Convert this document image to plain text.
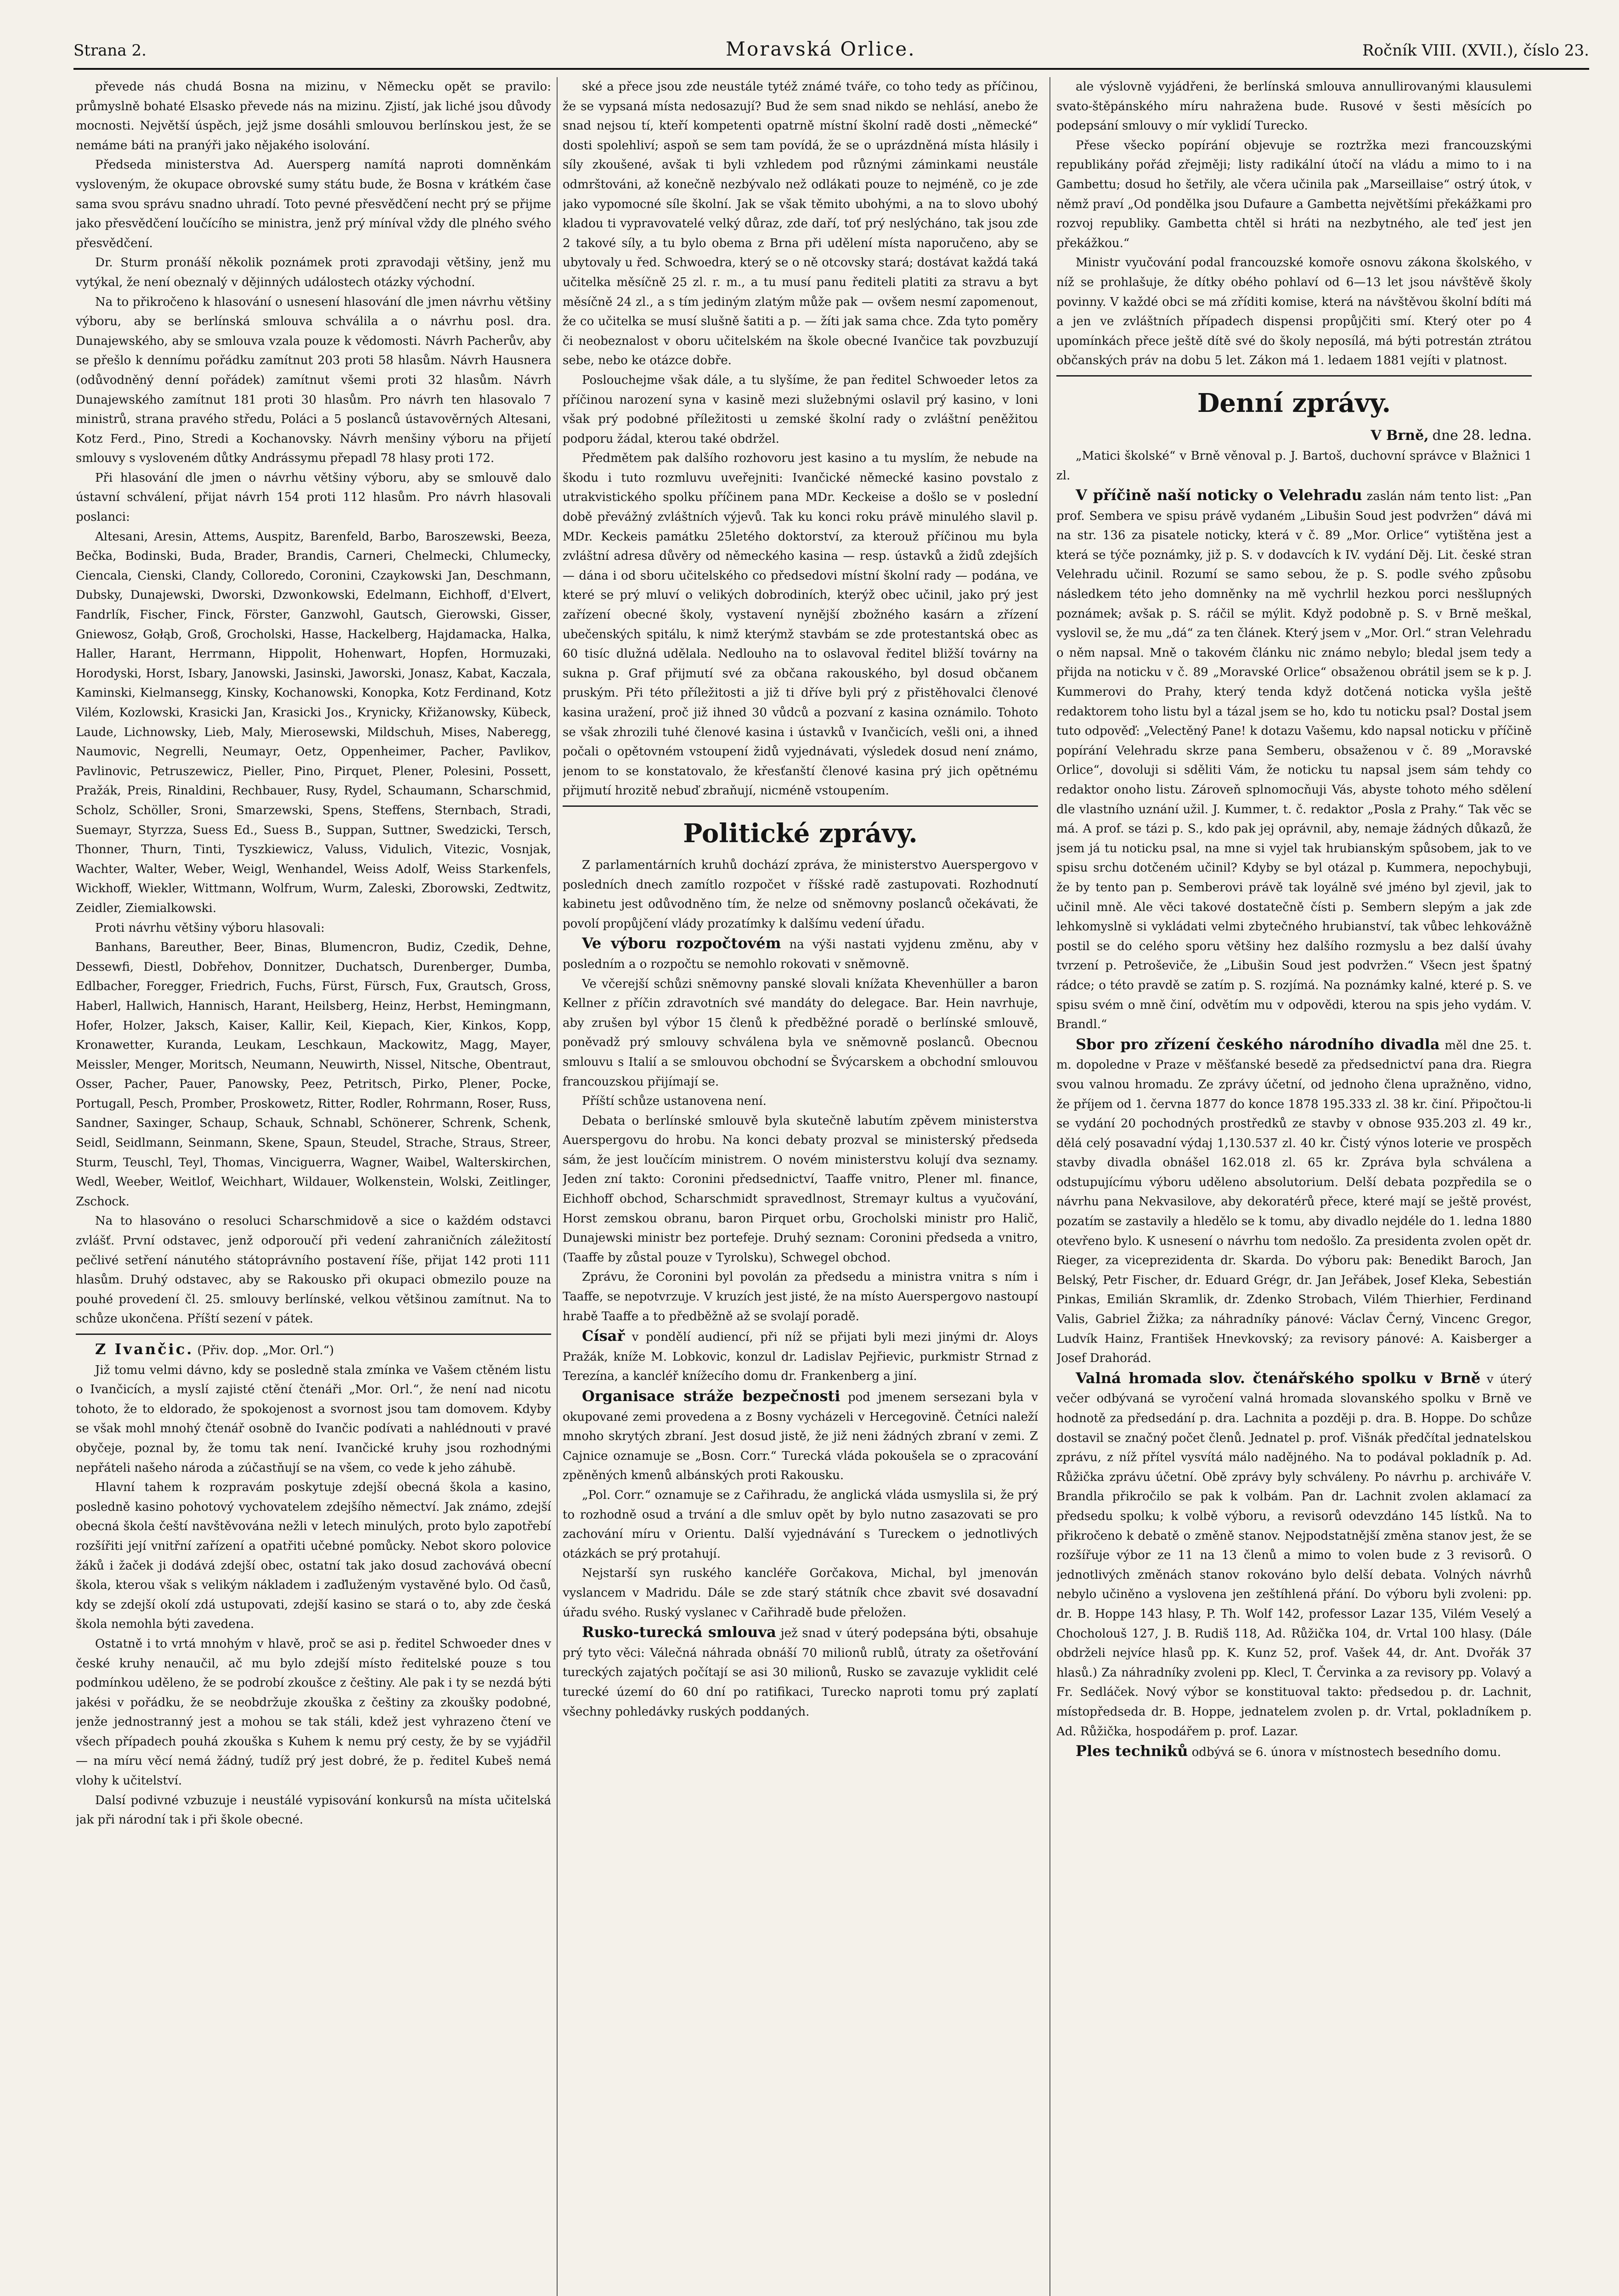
Strana 2.	Moravská Orlice.	Ročník VIII. (XVII.), číslo 23.

převede nás chudá Bosna na mizinu, v Německu opět se pravilo: průmyslně bohaté Elsasko převede nás na mizinu. Zjistí, jak liché jsou důvody mocnosti. Největší úspěch, jejž jsme dosáhli smlouvou berlínskou jest, že se nemáme báti na pranýři jako nějakého isolování.

Předseda ministerstva Ad. Auersperg namítá naproti domněnkám vysloveným, že okupace obrovské sumy státu bude, že Bosna v krátkém čase sama svou správu snadno uhradí. Toto pevné přesvědčení necht prý se přijme jako přesvědčení loučícího se ministra, jenž prý míníval vždy dle plného svého přesvědčení.

Dr. Sturm pronáší několik poznámek proti zpravodaji většiny, jenž mu vytýkal, že není obeznalý v dějinných událostech otázky východní.

Na to přikročeno k hlasování o usnesení hlasování dle jmen návrhu většiny výboru, aby se berlínská smlouva schválila a o návrhu posl. dra. Dunajewského, aby se smlouva vzala pouze k vědomosti. Návrh Pacherův, aby se přešlo k dennímu pořádku zamítnut 203 proti 58 hlasům. Návrh Hausnera (odůvodněný denní pořádek) zamítnut všemi proti 32 hlasům. Návrh Dunajewského zamítnut 181 proti 30 hlasům. Pro návrh ten hlasovalo 7 ministrů, strana pravého středu, Poláci a 5 poslanců ústavověrných Altesani, Kotz Ferd., Pino, Stredi a Kochanovsky. Návrh menšiny výboru na přijetí smlouvy s vysloveném důtky Andrássymu přepadl 78 hlasy proti 172.

Při hlasování dle jmen o návrhu většiny výboru, aby se smlouvě dalo ústavní schválení, přijat návrh 154 proti 112 hlasům. Pro návrh hlasovali poslanci:

Altesani, Aresin, Attems, Auspitz, Barenfeld, Barbo, Baroszewski, Beeza, Bečka, Bodinski, Buda, Brader, Brandis, Carneri, Chelmecki, Chlumecky, Ciencala, Cienski, Clandy, Colloredo, Coronini, Czaykowski Jan, Deschmann, Dubsky, Dunajewski, Dworski, Dzwonkowski, Edelmann, Eichhoff, d'Elvert, Fandrlík, Fischer, Finck, Förster, Ganzwohl, Gautsch, Gierowski, Gisser, Gniewosz, Gołąb, Groß, Grocholski, Hasse, Hackelberg, Hajdamacka, Halka, Haller, Harant, Herrmann, Hippolit, Hohenwart, Hopfen, Hormuzaki, Horodyski, Horst, Isbary, Janowski, Jasinski, Jaworski, Jonasz, Kabat, Kaczala, Kaminski, Kielmansegg, Kinsky, Kochanowski, Konopka, Kotz Ferdinand, Kotz Vilém, Kozlowski, Krasicki Jan, Krasicki Jos., Krynicky, Křižanowsky, Kübeck, Laude, Lichnowsky, Lieb, Maly, Mierosewski, Mildschuh, Mises, Naberegg, Naumovic, Negrelli, Neumayr, Oetz, Oppenheimer, Pacher, Pavlikov, Pavlinovic, Petruszewicz, Pieller, Pino, Pirquet, Plener, Polesini, Possett, Pražák, Preis, Rinaldini, Rechbauer, Rusy, Rydel, Schaumann, Scharschmid, Scholz, Schöller, Sroni, Smarzewski, Spens, Steffens, Sternbach, Stradi, Suemayr, Styrzza, Suess Ed., Suess B., Suppan, Suttner, Swedzicki, Tersch, Thonner, Thurn, Tinti, Tyszkiewicz, Valuss, Vidulich, Vitezic, Vosnjak, Wachter, Walter, Weber, Weigl, Wenhandel, Weiss Adolf, Weiss Starkenfels, Wickhoff, Wiekler, Wittmann, Wolfrum, Wurm, Zaleski, Zborowski, Zedtwitz, Zeidler, Ziemialkowski.

Proti návrhu většiny výboru hlasovali:

Banhans, Bareuther, Beer, Binas, Blumencron, Budiz, Czedik, Dehne, Dessewfi, Diestl, Dobřehov, Donnitzer, Duchatsch, Durenberger, Dumba, Edlbacher, Foregger, Friedrich, Fuchs, Fürst, Fürsch, Fux, Grautsch, Gross, Haberl, Hallwich, Hannisch, Harant, Heilsberg, Heinz, Herbst, Hemingmann, Hofer, Holzer, Jaksch, Kaiser, Kallir, Keil, Kiepach, Kier, Kinkos, Kopp, Kronawetter, Kuranda, Leukam, Leschkaun, Mackowitz, Magg, Mayer, Meissler, Menger, Moritsch, Neumann, Neuwirth, Nissel, Nitsche, Obentraut, Osser, Pacher, Pauer, Panowsky, Peez, Petritsch, Pirko, Plener, Pocke, Portugall, Pesch, Promber, Proskowetz, Ritter, Rodler, Rohrmann, Roser, Russ, Sandner, Saxinger, Schaup, Schauk, Schnabl, Schönerer, Schrenk, Schenk, Seidl, Seidlmann, Seinmann, Skene, Spaun, Steudel, Strache, Straus, Streer, Sturm, Teuschl, Teyl, Thomas, Vinciguerra, Wagner, Waibel, Walterskirchen, Wedl, Weeber, Weitlof, Weichhart, Wildauer, Wolkenstein, Wolski, Zeitlinger, Zschock.

Na to hlasováno o resoluci Scharschmidově a sice o každém odstavci zvlášť. První odstavec, jenž odporoučí při vedení zahraničních záležitostí pečlivé setření nánutého státoprávního postavení říše, přijat 142 proti 111 hlasům. Druhý odstavec, aby se Rakousko při okupaci obmezilo pouze na pouhé provedení čl. 25. smlouvy berlínské, velkou většinou zamítnut. Na to schůze ukončena. Příští sezení v pátek.

Z Ivančic. (Přiv. dop. „Mor. Orl.“)

Již tomu velmi dávno, kdy se posledně stala zmínka ve Vašem ctěném listu o Ivančicích, a myslí zajisté ctění čtenáři „Mor. Orl.“, že není nad nicotu tohoto, že to eldorado, že spokojenost a svornost jsou tam domovem. Kdyby se však mohl mnohý čtenář osobně do Ivančic podívati a nahlédnouti v pravé obyčeje, poznal by, že tomu tak není. Ivančické kruhy jsou rozhodnými nepřáteli našeho národa a zúčastňují se na všem, co vede k jeho záhubě.

Hlavní tahem k rozpravám poskytuje zdejší obecná škola a kasino, posledně kasino pohotový vychovatelem zdejšího němectví. Jak známo, zdejší obecná škola čeští navštěvována nežli v letech minulých, proto bylo zapotřebí rozšířiti její vnitřní zařízení a opatřiti učebné pomůcky. Nebot skoro polovice žáků i žaček ji dodává zdejší obec, ostatní tak jako dosud zachovává obecní škola, kterou však s velikým nákladem i zaďluženým vystavěné bylo. Od časů, kdy se zdejší okolí zdá ustupovati, zdejší kasino se stará o to, aby zde česká škola nemohla býti zavedena.

Ostatně i to vrtá mnohým v hlavě, proč se asi p. ředitel Schwoeder dnes v české kruhy nenaučil, ač mu bylo zdejší místo ředitelské pouze s tou podmínkou uděleno, že se podrobí zkoušce z češtiny. Ale pak i ty se nezdá býti jakési v pořádku, že se neobdržuje zkouška z češtiny za zkoušky podobné, jenže jednostranný jest a mohou se tak stáli, kdež jest vyhrazeno čtení ve všech případech pouhá zkouška s Kuhem k nemu prý cesty, že by se vyjádřil — na míru věcí nemá žádný, tudíž prý jest dobré, že p. ředitel Kubeš nemá vlohy k učitelství.

Dalsí podivné vzbuzuje i neustálé vypisování konkursů na místa učitelská jak při národní tak i při škole obecné.

ské a přece jsou zde neustále tytéž známé tváře, co toho tedy as příčinou, že se vypsaná místa nedosazují? Bud že sem snad nikdo se nehlásí, anebo že snad nejsou tí, kteří kompetenti opatrně místní školní radě dosti „německé“ dosti spolehliví; aspoň se sem tam povídá, že se o uprázdněná místa hlásily i síly zkoušené, avšak ti byli vzhledem pod různými záminkami neustále odmrštováni, až konečně nezbývalo než odlákati pouze to nejméně, co je zde jako vypomocné síle školní. Jak se však těmito ubohými, a na to slovo ubohý kladou ti vypravovatelé velký důraz, zde daří, toť prý neslýcháno, tak jsou zde 2 takové síly, a tu bylo obema z Brna při udělení místa naporučeno, aby se ubytovaly u řed. Schwoedra, který se o ně otcovsky stará; dostávat každá taká učitelka měsíčně 25 zl. r. m., a tu musí panu řediteli platiti za stravu a byt měsíčně 24 zl., a s tím jediným zlatým může pak — ovšem nesmí zapomenout, že co učitelka se musí slušně šatiti a p. — žíti jak sama chce. Zda tyto poměry či neobeznalost v oboru učitelském na škole obecné Ivančice tak povzbuzují sebe, nebo ke otázce dobře.

Poslouchejme však dále, a tu slyšíme, že pan ředitel Schwoeder letos za příčinou narození syna v kasině mezi služebnými oslavil prý kasino, v loni však prý podobné příležitosti u zemské školní rady o zvláštní peněžitou podporu žádal, kterou také obdržel.

Předmětem pak dalšího rozhovoru jest kasino a tu myslím, že nebude na škodu i tuto rozmluvu uveřejniti: Ivančické německé kasino povstalo z utrakvistického spolku příčinem pana MDr. Keckeise a došlo se v poslední době převážný zvláštních výjevů. Tak ku konci roku právě minulého slavil p. MDr. Keckeis památku 25letého doktorství, za kterouž příčinou mu byla zvláštní adresa důvěry od německého kasina — resp. ústavků a židů zdejších — dána i od sboru učitelského co předsedovi místní školní rady — podána, ve které se prý mluví o velikých dobrodiních, kterýž obec učinil, jako prý jest zařízení obecné školy, vystavení nynější zbožného kasárn a zřízení ubečenských spitálu, k nimž kterýmž stavbám se zde protestantská obec as 60 tisíc dlužná udělala. Nedlouho na to oslavoval ředitel bližší továrny na sukna p. Graf přijmutí své za občana rakouského, byl dosud občanem pruským. Při této příležitosti a již ti dříve byli prý z přistěhovalci členové kasina uražení, proč již ihned 30 vůdců a pozvaní z kasina oznámilo. Tohoto se však zhrozili tuhé členové kasina i ústavků v Ivančicích, vešli oni, a ihned počali o opětovném vstoupení židů vyjednávati, výsledek dosud není známo, jenom to se konstatovalo, že křesťanští členové kasina prý jich opětnému přijmutí hrozitě nebuď zbraňují, nicméně vstoupením.

Politické zprávy.

Z parlamentárních kruhů dochází zpráva, že ministerstvo Auerspergovo v posledních dnech zamítlo rozpočet v říšské radě zastupovati. Rozhodnutí kabinetu jest odůvodněno tím, že nelze od sněmovny poslanců očekávati, že povolí propůjčení vlády prozatímky k dalšímu vedení úřadu.

Ve výboru rozpočtovém na výši nastati vyjdenu změnu, aby v posledním a o rozpočtu se nemohlo rokovati v sněmovně.

Ve včerejší schůzi sněmovny panské slovali knížata Khevenhüller a baron Kellner z příčin zdravotních své mandáty do delegace. Bar. Hein navrhuje, aby zrušen byl výbor 15 členů k předběžné poradě o berlínské smlouvě, poněvadž prý smlouvy schválena byla ve sněmovně poslanců. Obecnou smlouvu s Italií a se smlouvou obchodní se Švýcarskem a obchodní smlouvou francouzskou přijímají se.

Příští schůze ustanovena není.

Debata o berlínské smlouvě byla skutečně labutím zpěvem ministerstva Auerspergovu do hrobu. Na konci debaty prozval se ministerský předseda sám, že jest loučícím ministrem. O novém ministerstvu kolují dva seznamy. Jeden zní takto: Coronini předsednictví, Taaffe vnitro, Plener ml. finance, Eichhoff obchod, Scharschmidt spravedlnost, Stremayr kultus a vyučování, Horst zemskou obranu, baron Pirquet orbu, Grocholski ministr pro Halič, Dunajewski ministr bez portefeje. Druhý seznam: Coronini předseda a vnitro, (Taaffe by zůstal pouze v Tyrolsku), Schwegel obchod.

Zprávu, že Coronini byl povolán za předsedu a ministra vnitra s ním i Taaffe, se nepotvrzuje. V kruzích jest jisté, že na místo Auerspergovo nastoupí hrabě Taaffe a to předběžně až se svolají poradě.

Císař v pondělí audiencí, při níž se přijati byli mezi jinými dr. Aloys Pražák, kníže M. Lobkovic, konzul dr. Ladislav Pejřievic, purkmistr Strnad z Terezína, a kancléř knížecího domu dr. Frankenberg a jiní.

Organisace stráže bezpečnosti pod jmenem sersezani byla v okupované zemi provedena a z Bosny vycházeli v Hercegovině. Četníci naleží mnoho skrytých zbraní. Jest dosud jistě, že již neni žádných zbraní v zemi. Z Cajnice oznamuje se „Bosn. Corr.“ Turecká vláda pokoušela se o zpracování zpěněných kmenů albánských proti Rakousku.

„Pol. Corr.“ oznamuje se z Cařihradu, že anglická vláda usmyslila si, že prý to rozhodně osud a trvání a dle smluv opět by bylo nutno zasazovati se pro zachování míru v Orientu. Další vyjednávání s Tureckem o jednotlivých otázkách se prý protahují.

Nejstarší syn ruského kancléře Gorčakova, Michal, byl jmenován vyslancem v Madridu. Dále se zde starý státník chce zbavit své dosavadní úřadu svého. Ruský vyslanec v Cařihradě bude přeložen.

Rusko-turecká smlouva jež snad v úterý podepsána býti, obsahuje prý tyto věci: Válečná náhrada obnáší 70 milionů rublů, útraty za ošetřování tureckých zajatých počítají se asi 30 milionů, Rusko se zavazuje vyklidit celé turecké území do 60 dní po ratifikaci, Turecko naproti tomu prý zaplatí všechny pohledávky ruských poddaných.

ale výslovně vyjádřeni, že berlínská smlouva annullirovanými klausulemi svato-štěpánského míru nahražena bude. Rusové v šesti měsících po podepsání smlouvy o mír vyklidí Turecko.

Přese všecko popírání objevuje se roztržka mezi francouzskými republikány pořád zřejměji; listy radikální útočí na vládu a mimo to i na Gambettu; dosud ho šetřily, ale včera učinila pak „Marseillaise“ ostrý útok, v němž praví „Od pondělka jsou Dufaure a Gambetta největšími překážkami pro rozvoj republiky. Gambetta chtěl si hráti na nezbytného, ale teď jest jen překážkou.“

Ministr vyučování podal francouzské komoře osnovu zákona školského, v níž se prohlašuje, že dítky obého pohlaví od 6—13 let jsou návštěvě školy povinny. V každé obci se má zříditi komise, která na návštěvou školní bdíti má a jen ve zvláštních případech dispensi propůjčiti smí. Který oter po 4 upomínkách přece ještě dítě své do školy neposílá, má býti potrestán ztrátou občanských práv na dobu 5 let. Zákon má 1. ledaem 1881 vejíti v platnost.

Denní zprávy.
V Brně, dne 28. ledna.

„Matici školské“ v Brně věnoval p. J. Bartoš, duchovní správce v Blažnici 1 zl.

V příčině naší noticky o Velehradu zaslán nám tento list: „Pan prof. Sembera ve spisu právě vydaném „Libušin Soud jest podvržen“ dává mi na str. 136 za pisatele noticky, která v č. 89 „Mor. Orlice“ vytištěna jest a která se týče poznámky, již p. S. v dodavcích k IV. vydání Děj. Lit. české stran Velehradu učinil. Rozumí se samo sebou, že p. S. podle svého způsobu následkem této jeho domněnky na mě vychrlil hezkou porci nesšlupných poznámek; avšak p. S. ráčil se mýlit. Když podobně p. S. v Brně meškal, vyslovil se, že mu „dá“ za ten článek. Který jsem v „Mor. Orl.“ stran Velehradu o něm napsal. Mně o takovém článku nic známo nebylo; bledal jsem tedy a přijda na noticku v č. 89 „Moravské Orlice“ obsaženou obrátil jsem se k p. J. Kummerovi do Prahy, který tenda když dotčená noticka vyšla ještě redaktorem toho listu byl a tázal jsem se ho, kdo tu noticku psal? Dostal jsem tuto odpověď: „Velectěný Pane! k dotazu Vašemu, kdo napsal noticku v příčině popírání Velehradu skrze pana Semberu, obsaženou v č. 89 „Moravské Orlice“, dovoluji si sděliti Vám, že noticku tu napsal jsem sám tehdy co redaktor onoho listu. Zároveň splnomocňuji Vás, abyste tohoto mého sdělení dle vlastního uznání užil. J. Kummer, t. č. redaktor „Posla z Prahy.“ Tak věc se má. A prof. se tázi p. S., kdo pak jej oprávnil, aby, nemaje žádných důkazů, že jsem já tu noticku psal, na mne si vyjel tak hrubianským spůsobem, jak to ve spisu srchu dotčeném učinil? Kdyby se byl otázal p. Kummera, nepochybuji, že by tento pan p. Semberovi právě tak loyálně své jméno byl zjevil, jak to učinil mně. Ale věci takové dostatečně čísti p. Sembern slepým a jak zde lehkomyslně si vykládati velmi zbytečného hrubianství, tak vůbec lehkovážně postil se do celého sporu většiny hez dalšího rozmyslu a bez další úvahy tvrzení p. Petroševiče, že „Libušin Soud jest podvržen.“ Všecn jest špatný rádce; o této pravdě se zatím p. S. rozjímá. Na poznámky kalné, které p. S. ve spisu svém o mně činí, odvětím mu v odpovědi, kterou na spis jeho vydám. V. Brandl.“

Sbor pro zřízení českého národního divadla měl dne 25. t. m. dopoledne v Praze v měšťanské besedě za předsednictví pana dra. Riegra svou valnou hromadu. Ze zprávy účetní, od jednoho člena upražněno, vidno, že příjem od 1. června 1877 do konce 1878 195.333 zl. 38 kr. činí. Připočtou-li se vydání 20 pochodných prostředků ze stavby v obnose 935.203 zl. 49 kr., dělá celý posavadní výdaj 1,130.537 zl. 40 kr. Čistý výnos loterie ve prospěch stavby divadla obnášel 162.018 zl. 65 kr. Zpráva byla schválena a odstupujícímu výboru uděleno absolutorium. Delší debata pozpředila se o návrhu pana Nekvasilove, aby dekoratérů přece, které mají se ještě provést, pozatím se zastavily a hledělo se k tomu, aby divadlo nejdéle do 1. ledna 1880 otevřeno bylo. K usnesení o návrhu tom nedošlo. Za presidenta zvolen opět dr. Rieger, za viceprezidenta dr. Skarda. Do výboru pak: Benedikt Baroch, Jan Belský, Petr Fischer, dr. Eduard Grégr, dr. Jan Jeřábek, Josef Kleka, Sebestián Pinkas, Emilián Skramlik, dr. Zdenko Strobach, Vilém Thierhier, Ferdinand Valis, Gabriel Žižka; za náhradníky pánové: Václav Černý, Vincenc Gregor, Ludvík Hainz, František Hnevkovský; za revisory pánové: A. Kaisberger a Josef Drahorád.

Valná hromada slov. čtenářského spolku v Brně v úterý večer odbývaná se vyročení valná hromada slovanského spolku v Brně ve hodnotě za předsedání p. dra. Lachnita a později p. dra. B. Hoppe. Do schůze dostavil se značný počet členů. Jednatel p. prof. Višnák předčítal jednatelskou zprávu, z níž přítel vysvítá málo nadějného. Na to podával pokladník p. Ad. Růžička zprávu účetní. Obě zprávy byly schváleny. Po návrhu p. archiváře V. Brandla přikročilo se pak k volbám. Pan dr. Lachnit zvolen aklamací za předsedu spolku; k volbě výboru, a revisorů odevzdáno 145 lístků. Na to přikročeno k debatě o změně stanov. Nejpodstatnější změna stanov jest, že se rozšířuje výbor ze 11 na 13 členů a mimo to volen bude z 3 revisorů. O jednotlivých změnách stanov rokováno bylo delší debata. Volných návrhů nebylo učiněno a vyslovena jen zeštíhlená přání. Do výboru byli zvoleni: pp. dr. B. Hoppe 143 hlasy, P. Th. Wolf 142, professor Lazar 135, Vilém Veselý a Chocholouš 127, J. B. Rudiš 118, Ad. Růžička 104, dr. Vrtal 100 hlasy. (Dále obdrželi nejvíce hlasů pp. K. Kunz 52, prof. Vašek 44, dr. Ant. Dvořák 37 hlasů.) Za náhradníky zvoleni pp. Klecl, T. Červinka a za revisory pp. Volavý a Fr. Sedláček. Nový výbor se konstituoval takto: předsedou p. dr. Lachnit, místopředseda dr. B. Hoppe, jednatelem zvolen p. dr. Vrtal, pokladníkem p. Ad. Růžička, hospodářem p. prof. Lazar.

Ples techniků odbývá se 6. února v místnostech besedního domu.
